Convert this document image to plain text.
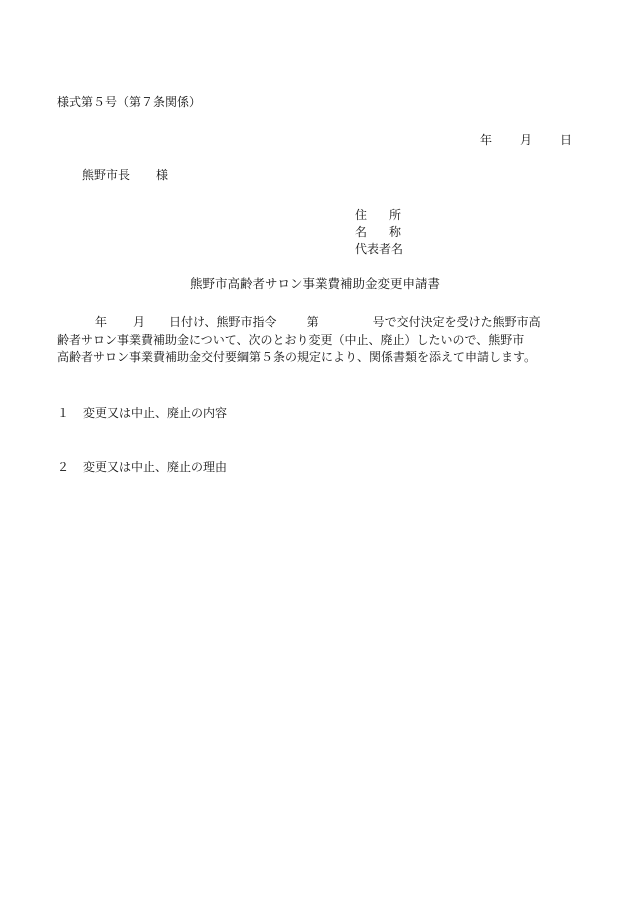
様式第５号（第７条関係）
年 月 日
熊野市長 様
住所
名称
代表者名
熊野市高齢者サロン事業費補助金変更申請書
年 月 日付け、熊野市指令	第	号で交付決定を受けた熊野市高
齢者サロン事業費補助金について、次のとおり変更（中止、廃止）したいので、熊野市
高齢者サロン事業費補助金交付要綱第５条の規定により、関係書類を添えて申請します。
１ 変更又は中止、廃止の内容
２ 変更又は中止、廃止の理由
